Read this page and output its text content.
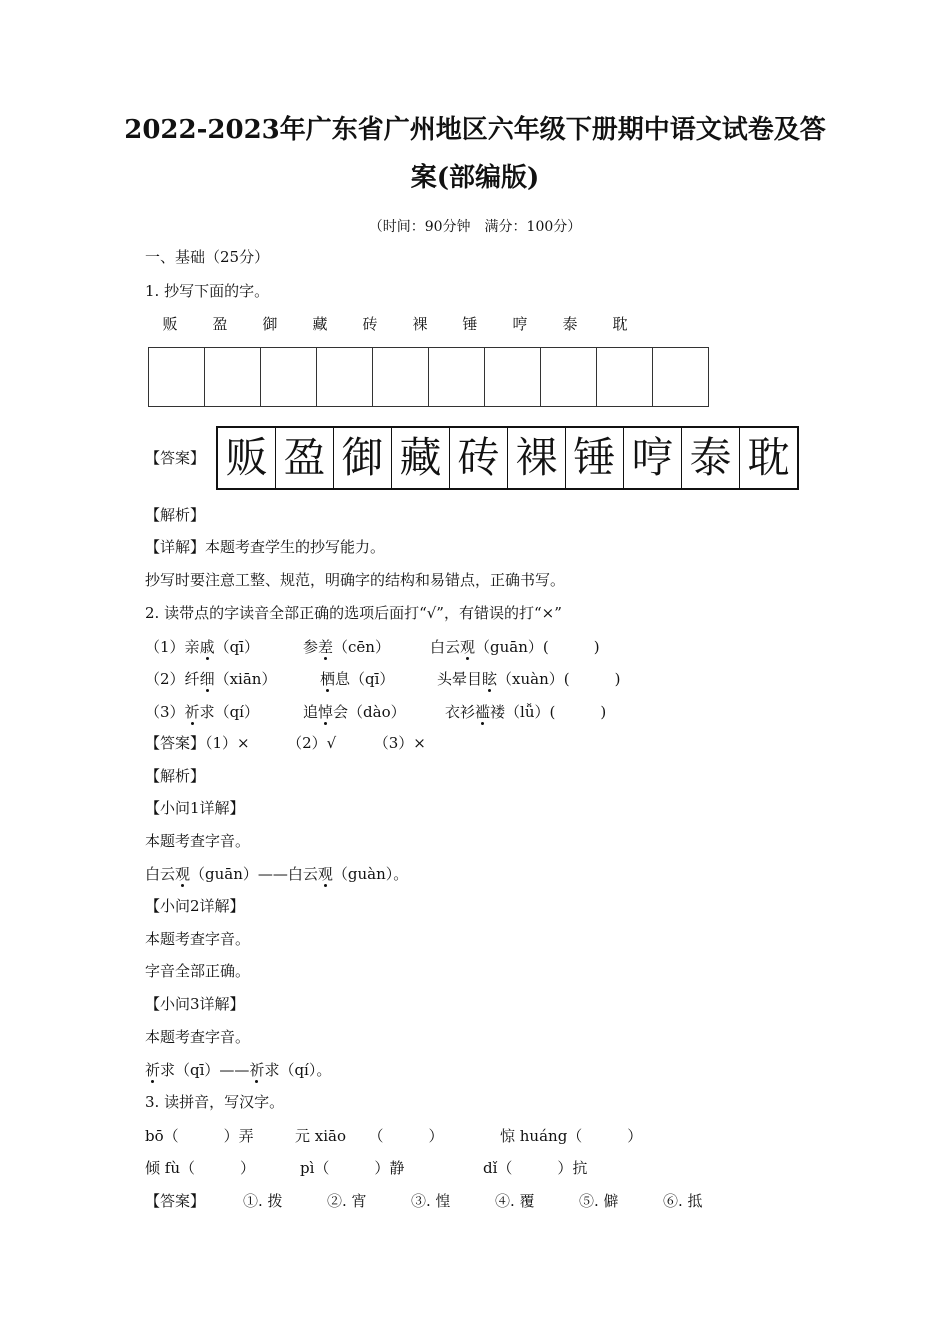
2022-2023年广东省广州地区六年级下册期中语文试卷及答
案(部编版)
（时间：90分钟　满分：100分）
一、基础（25分）
1. 抄写下面的字。
贩	盈	御	藏	砖	裸	锤	哼	泰	耽

【答案】 贩 盈 御 藏 砖 裸 锤 哼 泰 耽
【解析】
【详解】本题考查学生的抄写能力。
抄写时要注意工整、规范，明确字的结构和易错点，正确书写。
2. 读带点的字读音全部正确的选项后面打“√”，有错误的打“×”
（1）亲戚（qī）	参差（cēn）	白云观（guān）(　　　)
（2）纤细（xiān）	栖息（qī）	头晕目眩（xuàn）(　　　)
（3）祈求（qí）	追悼会（dào）	衣衫褴褛（lǚ）(　　　)
【答案】（1）×　　　（2）√　　　（3）×
【解析】
【小问1详解】
本题考查字音。
白云观（guān）——白云观（guàn）。
【小问2详解】
本题考查字音。
字音全部正确。
【小问3详解】
本题考查字音。
祈求（qī）——祈求（qí）。
3. 读拼音，写汉字。
bō（　　　）弄	元 xiāo　　（　　　）	惊 huáng（　　　）
倾 fù（　　　）	pì（　　　）静	dǐ（　　　）抗
【答案】	①. 拨	②. 宵	③. 惶	④. 覆	⑤. 僻	⑥. 抵
